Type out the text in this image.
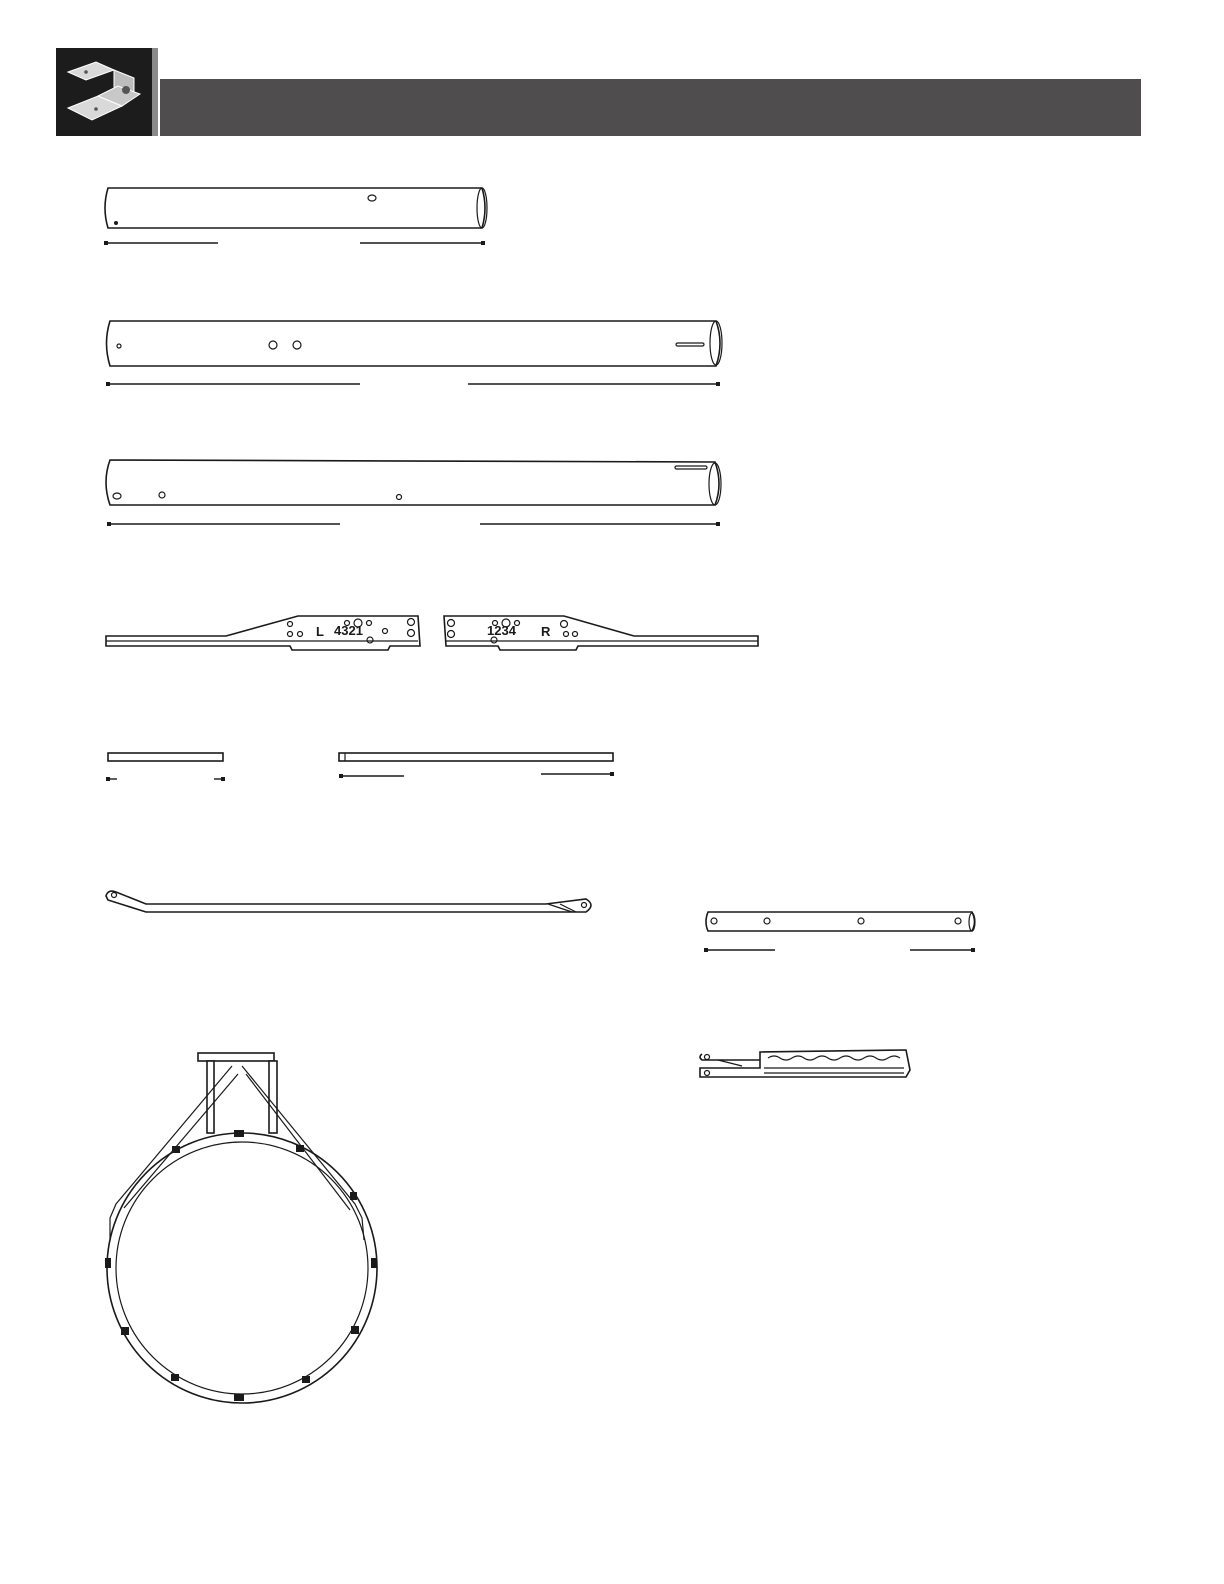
L 4321	R
1234
